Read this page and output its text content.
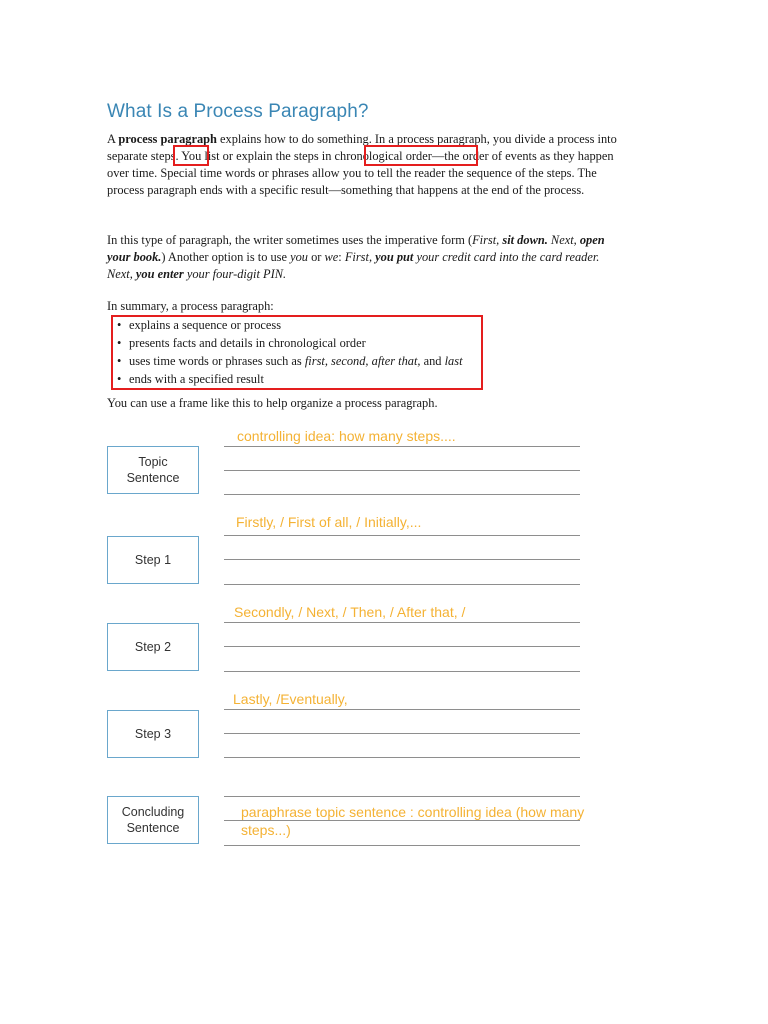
What Is a Process Paragraph?

A process paragraph explains how to do something. In a process paragraph, you divide a process into separate steps. You list or explain the steps in chronological order—the order of events as they happen over time. Special time words or phrases allow you to tell the reader the sequence of the steps. The process paragraph ends with a specific result—something that happens at the end of the process.

In this type of paragraph, the writer sometimes uses the imperative form (First, sit down. Next, open your book.) Another option is to use you or we: First, you put your credit card into the card reader. Next, you enter your four-digit PIN.

In summary, a process paragraph:

• explains a sequence or process
• presents facts and details in chronological order
• uses time words or phrases such as first, second, after that, and last
• ends with a specified result

You can use a frame like this to help organize a process paragraph.

Topic Sentence
Step 1
Step 2
Step 3
Concluding Sentence
controlling idea: how many steps....
Firstly, / First of all, / Initially,...
Secondly, / Next, / Then, / After that, /
Lastly, /Eventually,
paraphrase topic sentence : controlling idea (how many steps...)
